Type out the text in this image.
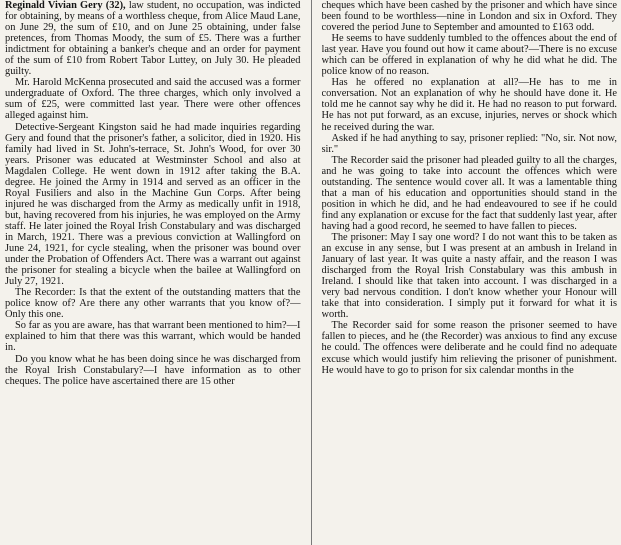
Reginald Vivian Gery (32), law student, no occupation, was indicted for obtaining, by means of a worthless cheque, from Alice Maud Lane, on June 29, the sum of £10, and on June 25 obtaining, under false pretences, from Thomas Moody, the sum of £5. There was a further indictment for obtaining a banker's cheque and an order for payment of the sum of £10 from Robert Tabor Luttey, on July 30. He pleaded guilty.

Mr. Harold McKenna prosecuted and said the accused was a former undergraduate of Oxford. The three charges, which only involved a sum of £25, were committed last year. There were other offences alleged against him.

Detective-Sergeant Kingston said he had made inquiries regarding Gery and found that the prisoner's father, a solicitor, died in 1920. His family had lived in St. John's-terrace, St. John's Wood, for over 30 years. Prisoner was educated at Westminster School and also at Magdalen College. He went down in 1912 after taking the B.A. degree. He joined the Army in 1914 and served as an officer in the Royal Fusiliers and also in the Machine Gun Corps. After being injured he was discharged from the Army as medically unfit in 1918, but, having recovered from his injuries, he was employed on the Army staff. He later joined the Royal Irish Constabulary and was discharged in March, 1921. There was a previous conviction at Wallingford on June 24, 1921, for cycle stealing, when the prisoner was bound over under the Probation of Offenders Act. There was a warrant out against the prisoner for stealing a bicycle when the bailee at Wallingford on July 27, 1921.

The Recorder: Is that the extent of the outstanding matters that the police know of? Are there any other warrants that you know of?—Only this one.

So far as you are aware, has that warrant been mentioned to him?—I explained to him that there was this warrant, which would be handed in.

Do you know what he has been doing since he was discharged from the Royal Irish Constabulary?—I have information as to other cheques. The police have ascertained there are 15 other

cheques which have been cashed by the prisoner and which have since been found to be worthless—nine in London and six in Oxford. They covered the period June to September and amounted to £163 odd.

He seems to have suddenly tumbled to the offences about the end of last year. Have you found out how it came about?—There is no excuse which can be offered in explanation of why he did what he did. The police know of no reason.

Has he offered no explanation at all?—He has to me in conversation. Not an explanation of why he should have done it. He told me he cannot say why he did it. He had no reason to put forward. He has not put forward, as an excuse, injuries, nerves or shock which he received during the war.

Asked if he had anything to say, prisoner replied: "No, sir. Not now, sir."

The Recorder said the prisoner had pleaded guilty to all the charges, and he was going to take into account the offences which were outstanding. The sentence would cover all. It was a lamentable thing that a man of his education and opportunities should stand in the position in which he did, and he had endeavoured to see if he could find any explanation or excuse for the fact that suddenly last year, after having had a good record, he seemed to have fallen to pieces.

The prisoner: May I say one word? I do not want this to be taken as an excuse in any sense, but I was present at an ambush in Ireland in January of last year. It was quite a nasty affair, and the reason I was discharged from the Royal Irish Constabulary was this ambush in Ireland. I should like that taken into account. I was discharged in a very bad nervous condition. I don't know whether your Honour will take that into consideration. I simply put it forward for what it is worth.

The Recorder said for some reason the prisoner seemed to have fallen to pieces, and he (the Recorder) was anxious to find any excuse he could. The offences were deliberate and he could find no adequate excuse which would justify him relieving the prisoner of punishment. He would have to go to prison for six calendar months in the
